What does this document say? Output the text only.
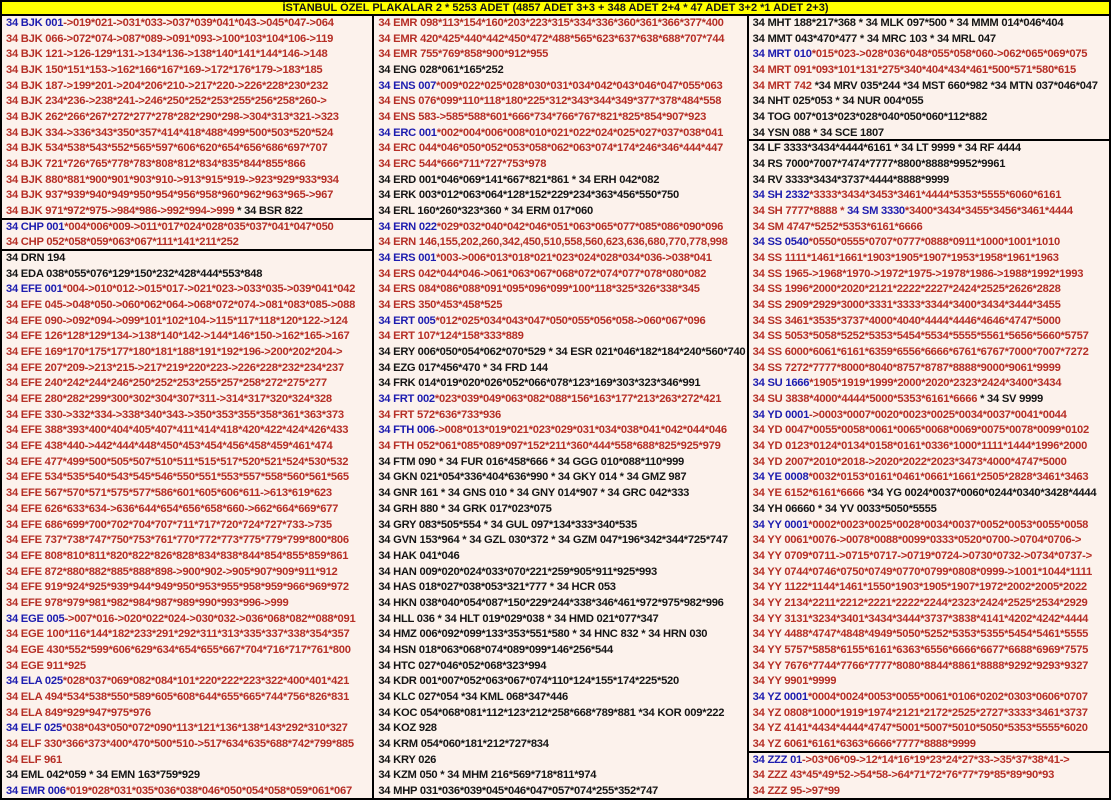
İSTANBUL ÖZEL PLAKALAR 2 * 5253 ADET (4857 ADET 3+3 + 348 ADET 2+4 * 47 ADET 3+2 *1 ADET 2+3)
34 BJK 001->019*021->031*033->037*039*041*043->045*047->064
34 BJK 066->072*074->087*089->091*093->100*103*104*106->119
34 BJK 121->126-129*131->134*136->138*140*141*144*146->148
34 BJK 150*151*153->162*166*167*169->172*176*179->183*185
34 BJK 187->199*201->204*206*210->217*220->226*228*230*232
34 BJK 234*236->238*241->246*250*252*253*255*256*258*260->
34 BJK 262*266*267*272*277*278*282*290*298->304*313*321->323
34 BJK 334->336*343*350*357*414*418*488*499*500*503*520*524
34 BJK 534*538*543*552*565*597*606*620*654*656*686*697*707
34 BJK 721*726*765*778*783*808*812*834*835*844*855*866
34 BJK 880*881*900*901*903*910->913*915*919->923*929*933*934
34 BJK 937*939*940*949*950*954*956*958*960*962*963*965->967
34 BJK 971*972*975->984*986->992*994->999 * 34 BSR 822
34 CHP 001*004*006*009->011*017*024*028*035*037*041*047*050
34 CHP 052*058*059*063*067*111*141*211*252
34 DRN 194
34 EDA 038*055*076*129*150*232*428*444*553*848
34 EFE 001*004->010*012->015*017->021*023->033*035->039*041*042
34 EFE 045->048*050->060*062*064->068*072*074->081*083*085->088
34 EFE 090->092*094->099*101*102*104->115*117*118*120*122->124
34 EFE 126*128*129*134->138*140*142->144*146*150->162*165->167
34 EFE 169*170*175*177*180*181*188*191*192*196->200*202*204->
34 EFE 207*209->213*215->217*219*220*223->226*228*232*234*237
34 EFE 240*242*244*246*250*252*253*255*257*258*272*275*277
34 EFE 280*282*299*300*302*304*307*311->314*317*320*324*328
34 EFE 330->332*334->338*340*343->350*353*355*358*361*363*373
34 EFE 388*393*400*404*405*407*411*414*418*420*422*424*426*433
34 EFE 438*440->442*444*448*450*453*454*456*458*459*461*474
34 EFE 477*499*500*505*507*510*511*515*517*520*521*524*530*532
34 EFE 534*535*540*543*545*546*550*551*553*557*558*560*561*565
34 EFE 567*570*571*575*577*586*601*605*606*611->613*619*623
34 EFE 626*633*634->636*644*654*656*658*660->662*664*669*677
34 EFE 686*699*700*702*704*707*711*717*720*724*727*733->735
34 EFE 737*738*747*750*753*761*770*772*773*775*779*799*800*806
34 EFE 808*810*811*820*822*826*828*834*838*844*854*855*859*861
34 EFE 872*880*882*885*888*898->900*902->905*907*909*911*912
34 EFE 919*924*925*939*944*949*950*953*955*958*959*966*969*972
34 EFE 978*979*981*982*984*987*989*990*993*996->999
34 EGE 005->007*016->020*022*024->030*032->036*068*082**088*091
34 EGE 100*116*144*182*233*291*292*311*313*335*337*338*354*357
34 EGE 430*552*599*606*629*634*654*655*667*704*716*717*761*800
34 EGE 911*925
34 ELA 025*028*037*069*082*084*101*220*222*223*322*400*401*421
34 ELA 494*534*538*550*589*605*608*644*655*665*744*756*826*831
34 ELA 849*929*947*975*976
34 ELF 025*038*043*050*072*090*113*121*136*138*143*292*310*327
34 ELF 330*366*373*400*470*500*510->517*634*635*688*742*799*885
34 ELF 961
34 EML 042*059 * 34 EMN 163*759*929
34 EMR 006*019*028*031*035*036*038*046*050*054*058*059*061*067
34 EMR 098*113*154*160*203*223*315*334*336*360*361*366*377*400
34 EMR 420*425*440*442*450*472*488*565*623*637*638*688*707*744
34 EMR 755*769*858*900*912*955
34 ENG 028*061*165*252
34 ENS 007*009*022*025*028*030*031*034*042*043*046*047*055*063
34 ENS 076*099*110*118*180*225*312*343*344*349*377*378*484*558
34 ENS 583->585*588*601*666*734*766*767*821*825*854*907*923
34 ERC 001*002*004*006*008*010*021*022*024*025*027*037*038*041
34 ERC 044*046*050*052*053*058*062*063*074*174*246*346*444*447
34 ERC 544*666*711*727*753*978
34 ERD 001*046*069*141*667*821*861 * 34 ERH 042*082
34 ERK 003*012*063*064*128*152*229*234*363*456*550*750
34 ERL 160*260*323*360 * 34 ERM 017*060
34 ERN 022*029*032*040*042*046*051*063*065*077*085*086*090*096
34 ERN 146,155,202,260,342,450,510,558,560,623,636,680,770,778,998
34 ERS 001*003->006*013*018*021*023*024*028*034*036->038*041
34 ERS 042*044*046->061*063*067*068*072*074*077*078*080*082
34 ERS 084*086*088*091*095*096*099*100*118*325*326*338*345
34 ERS 350*453*458*525
34 ERT 005*012*025*034*043*047*050*055*056*058->060*067*096
34 ERT 107*124*158*333*889
34 ERY 006*050*054*062*070*529 * 34 ESR 021*046*182*184*240*560*740
34 EZG 017*456*470 * 34 FRD 144
34 FRK 014*019*020*026*052*066*078*123*169*303*323*346*991
34 FRT 002*023*039*049*063*082*088*156*163*177*213*263*272*421
34 FRT 572*636*733*936
34 FTH 006->008*013*019*021*023*029*031*034*038*041*042*044*046
34 FTH 052*061*085*089*097*152*211*360*444*558*688*825*925*979
34 FTM 090 * 34 FUR 016*458*666 * 34 GGG 010*088*110*999
34 GKN 021*054*336*404*636*990 * 34 GKY 014 * 34 GMZ 987
34 GNR 161 * 34 GNS 010 * 34 GNY 014*907 * 34 GRC 042*333
34 GRH 880 * 34 GRK 017*023*075
34 GRY 083*505*554 * 34 GUL 097*134*333*340*535
34 GVN 153*964 * 34 GZL 030*372 * 34 GZM 047*196*342*344*725*747
34 HAK 041*046
34 HAN 009*020*024*033*070*221*259*905*911*925*993
34 HAS 018*027*038*053*321*777 * 34 HCR 053
34 HKN 038*040*054*087*150*229*244*338*346*461*972*975*982*996
34 HLL 036 * 34 HLT 019*029*038 * 34 HMD 021*077*347
34 HMZ 006*092*099*133*353*551*580 * 34 HNC 832 * 34 HRN 030
34 HSN 018*063*068*074*089*099*146*256*544
34 HTC 027*046*052*068*323*994
34 KDR 001*007*052*063*067*074*110*124*155*174*225*520
34 KLC 027*054 *34 KML 068*347*446
34 KOC 054*068*081*112*123*212*258*668*789*881 *34 KOR 009*222
34 KOZ 928
34 KRM 054*060*181*212*727*834
34 KRY 026
34 KZM 050 * 34 MHM 216*569*718*811*974
34 MHP 031*036*039*045*046*047*057*074*255*352*747
34 MHT 188*217*368 * 34 MLK 097*500 * 34 MMM 014*046*404
34 MMT 043*470*477 * 34 MRC 103 * 34 MRL 047
34 MRT 010*015*023->028*036*048*055*058*060->062*065*069*075
34 MRT 091*093*101*131*275*340*404*434*461*500*571*580*615
34 MRT 742 *34 MRV 035*244 *34 MST 660*982 *34 MTN 037*046*047
34 NHT 025*053 * 34 NUR 004*055
34 TOG 007*013*023*028*040*050*060*112*882
34 YSN 088 * 34 SCE 1807
34 LF 3333*3434*4444*6161 * 34 LT 9999 * 34 RF 4444
34 RS 7000*7007*7474*7777*8800*8888*9952*9961
34 RV 3333*3434*3737*4444*8888*9999
34 SH 2332*3333*3434*3453*3461*4444*5353*5555*6060*6161
34 SH 7777*8888 * 34 SM 3330*3400*3434*3455*3456*3461*4444
34 SM 4747*5252*5353*6161*6666
34 SS 0540*0550*0555*0707*0777*0888*0911*1000*1001*1010
34 SS 1111*1461*1661*1903*1905*1907*1953*1958*1961*1963
34 SS 1965->1968*1970->1972*1975->1978*1986->1988*1992*1993
34 SS 1996*2000*2020*2121*2222*2227*2424*2525*2626*2828
34 SS 2909*2929*3000*3331*3333*3344*3400*3434*3444*3455
34 SS 3461*3535*3737*4000*4040*4444*4446*4646*4747*5000
34 SS 5053*5058*5252*5353*5454*5534*5555*5561*5656*5660*5757
34 SS 6000*6061*6161*6359*6556*6666*6761*6767*7000*7007*7272
34 SS 7272*7777*8000*8040*8757*8787*8888*9000*9061*9999
34 SU 1666*1905*1919*1999*2000*2020*2323*2424*3400*3434
34 SU 3838*4000*4444*5000*5353*6161*6666 * 34 SV 9999
34 YD 0001->0003*0007*0020*0023*0025*0034*0037*0041*0044
34 YD 0047*0055*0058*0061*0065*0068*0069*0075*0078*0099*0102
34 YD 0123*0124*0134*0158*0161*0336*1000*1111*1444*1996*2000
34 YD 2007*2010*2018->2020*2022*2023*3473*4000*4747*5000
34 YE 0008*0032*0153*0161*0461*0661*1661*2505*2828*3461*3463
34 YE 6152*6161*6666 *34 YG 0024*0037*0060*0244*0340*3428*4444
34 YH 06660 * 34 YV 0033*5050*5555
34 YY 0001*0002*0023*0025*0028*0034*0037*0052*0053*0055*0058
34 YY 0061*0076->0078*0088*0099*0333*0520*0700->0704*0706->
34 YY 0709*0711->0715*0717->0719*0724->0730*0732->0734*0737->
34 YY 0744*0746*0750*0749*0770*0799*0808*0999->1001*1044*1111
34 YY 1122*1144*1461*1550*1903*1905*1907*1972*2002*2005*2022
34 YY 2134*2211*2212*2221*2222*2244*2323*2424*2525*2534*2929
34 YY 3131*3234*3401*3434*3444*3737*3838*4141*4202*4242*4444
34 YY 4488*4747*4848*4949*5050*5252*5353*5355*5454*5461*5555
34 YY 5757*5858*6155*6161*6363*6556*6666*6677*6688*6969*7575
34 YY 7676*7744*7766*7777*8080*8844*8861*8888*9292*9293*9327
34 YY 9901*9999
34 YZ 0001*0004*0024*0053*0055*0061*0106*0202*0303*0606*0707
34 YZ 0808*1000*1919*1974*2121*2172*2525*2727*3333*3461*3737
34 YZ 4141*4434*4444*4747*5001*5007*5010*5050*5353*5555*6020
34 YZ 6061*6161*6363*6666*7777*8888*9999
34 ZZZ 01->03*06*09->12*14*16*19*23*24*27*33->35*37*38*41->
34 ZZZ 43*45*49*52->54*58->64*71*72*76*77*79*85*89*90*93
34 ZZZ 95->97*99
